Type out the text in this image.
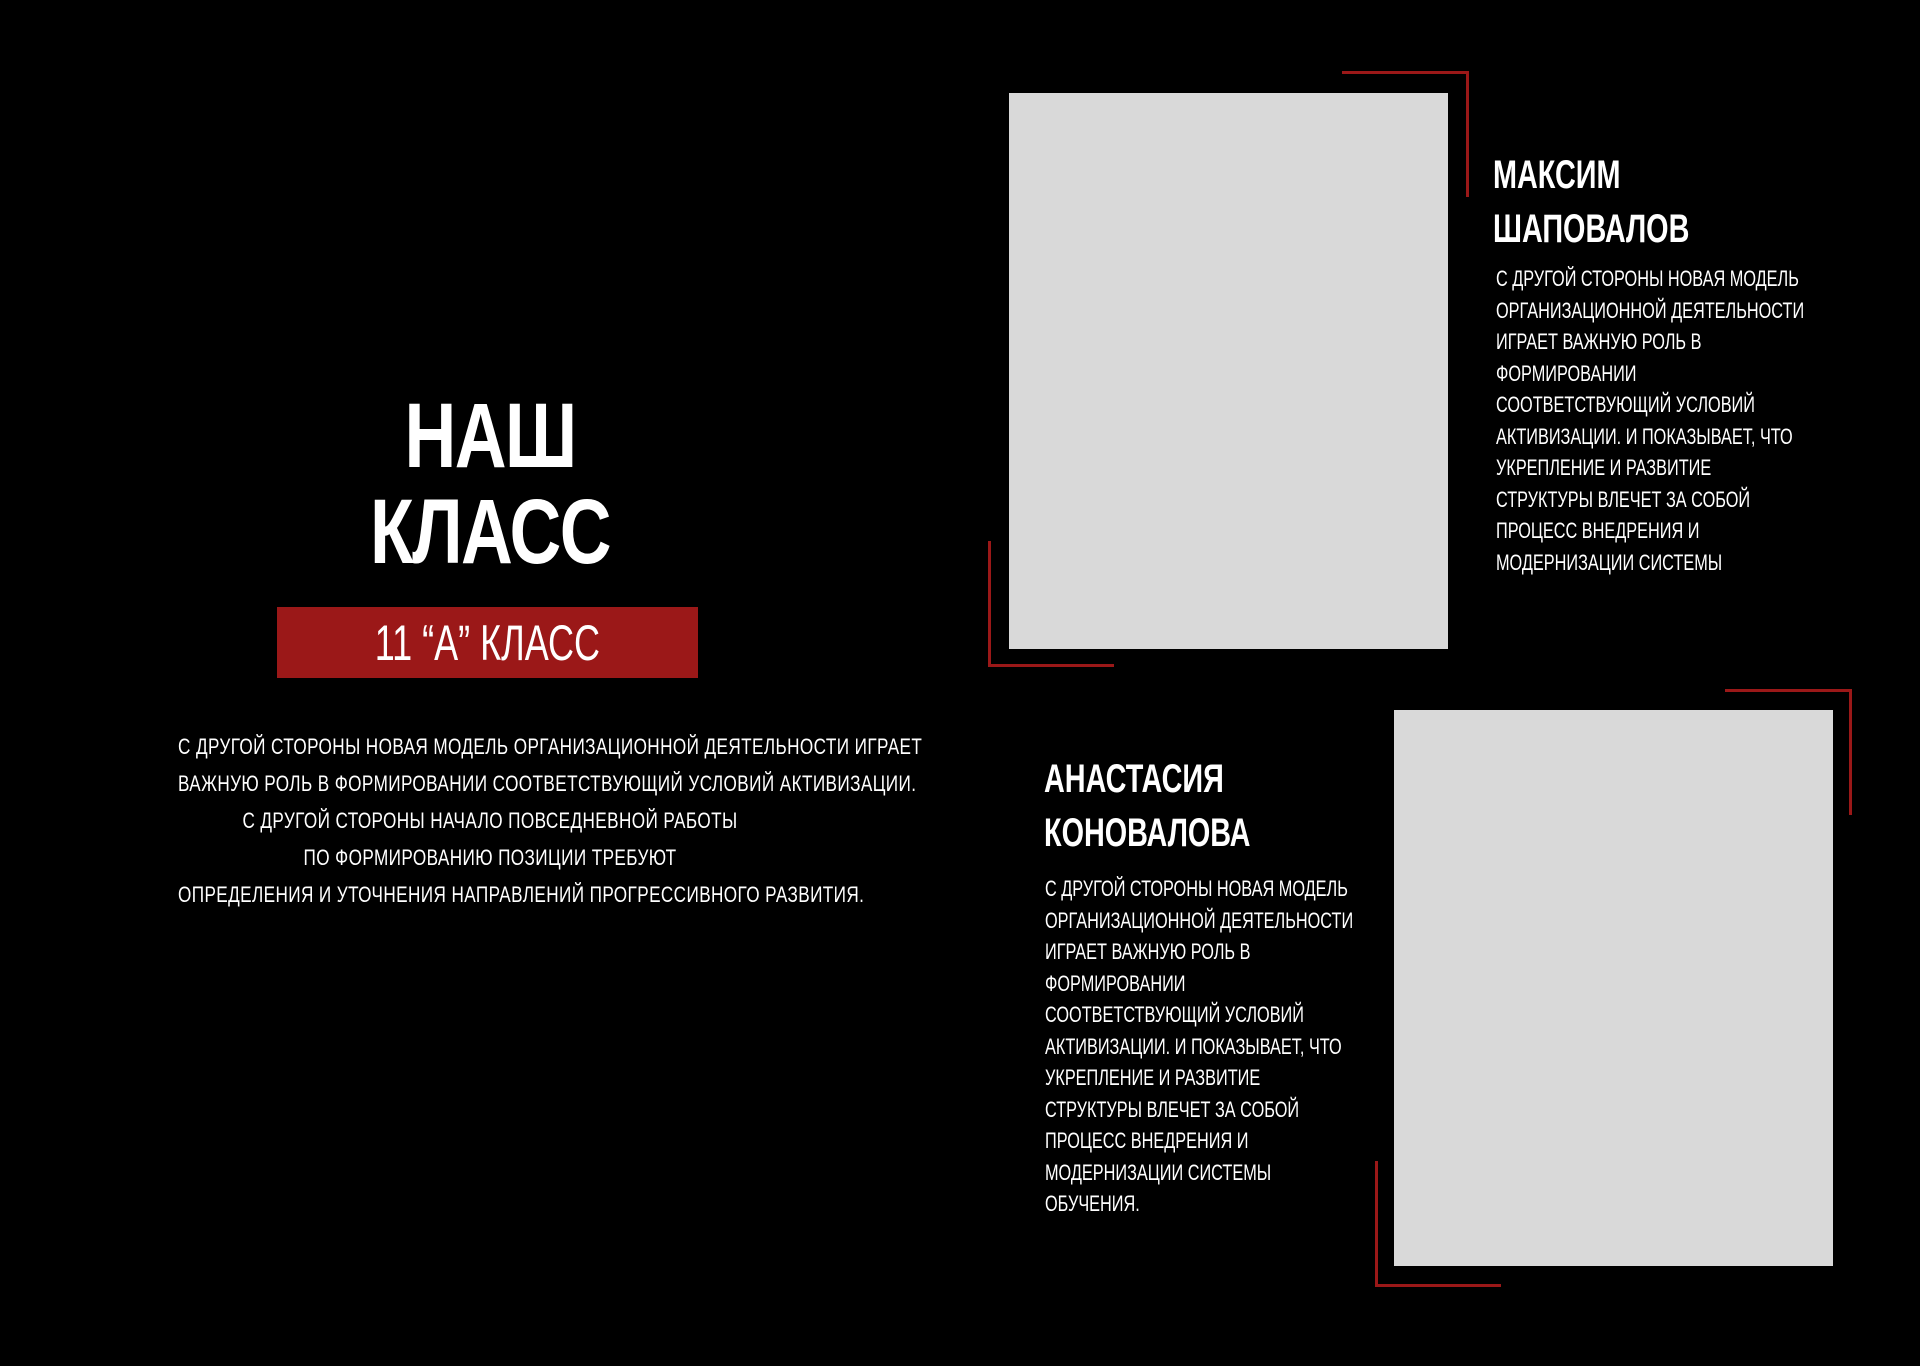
НАШ
КЛАСС
11 “А” КЛАСС

С ДРУГОЙ СТОРОНЫ НОВАЯ МОДЕЛЬ ОРГАНИЗАЦИОННОЙ ДЕЯТЕЛЬНОСТИ ИГРАЕТ

ВАЖНУЮ РОЛЬ В ФОРМИРОВАНИИ СООТВЕТСТВУЮЩИЙ УСЛОВИЙ АКТИВИЗАЦИИ.

С ДРУГОЙ СТОРОНЫ НАЧАЛО ПОВСЕДНЕВНОЙ РАБОТЫ

ПО ФОРМИРОВАНИЮ ПОЗИЦИИ ТРЕБУЮТ

ОПРЕДЕЛЕНИЯ И УТОЧНЕНИЯ НАПРАВЛЕНИЙ ПРОГРЕССИВНОГО РАЗВИТИЯ.

МАКСИМ
ШАПОВАЛОВ
С ДРУГОЙ СТОРОНЫ НОВАЯ МОДЕЛЬ
ОРГАНИЗАЦИОННОЙ ДЕЯТЕЛЬНОСТИ
ИГРАЕТ ВАЖНУЮ РОЛЬ В
ФОРМИРОВАНИИ
СООТВЕТСТВУЮЩИЙ УСЛОВИЙ
АКТИВИЗАЦИИ. И ПОКАЗЫВАЕТ, ЧТО
УКРЕПЛЕНИЕ И РАЗВИТИЕ
СТРУКТУРЫ ВЛЕЧЕТ ЗА СОБОЙ
ПРОЦЕСС ВНЕДРЕНИЯ И
МОДЕРНИЗАЦИИ СИСТЕМЫ
АНАСТАСИЯ
КОНОВАЛОВА
С ДРУГОЙ СТОРОНЫ НОВАЯ МОДЕЛЬ
ОРГАНИЗАЦИОННОЙ ДЕЯТЕЛЬНОСТИ
ИГРАЕТ ВАЖНУЮ РОЛЬ В
ФОРМИРОВАНИИ
СООТВЕТСТВУЮЩИЙ УСЛОВИЙ
АКТИВИЗАЦИИ. И ПОКАЗЫВАЕТ, ЧТО
УКРЕПЛЕНИЕ И РАЗВИТИЕ
СТРУКТУРЫ ВЛЕЧЕТ ЗА СОБОЙ
ПРОЦЕСС ВНЕДРЕНИЯ И
МОДЕРНИЗАЦИИ СИСТЕМЫ
ОБУЧЕНИЯ.
